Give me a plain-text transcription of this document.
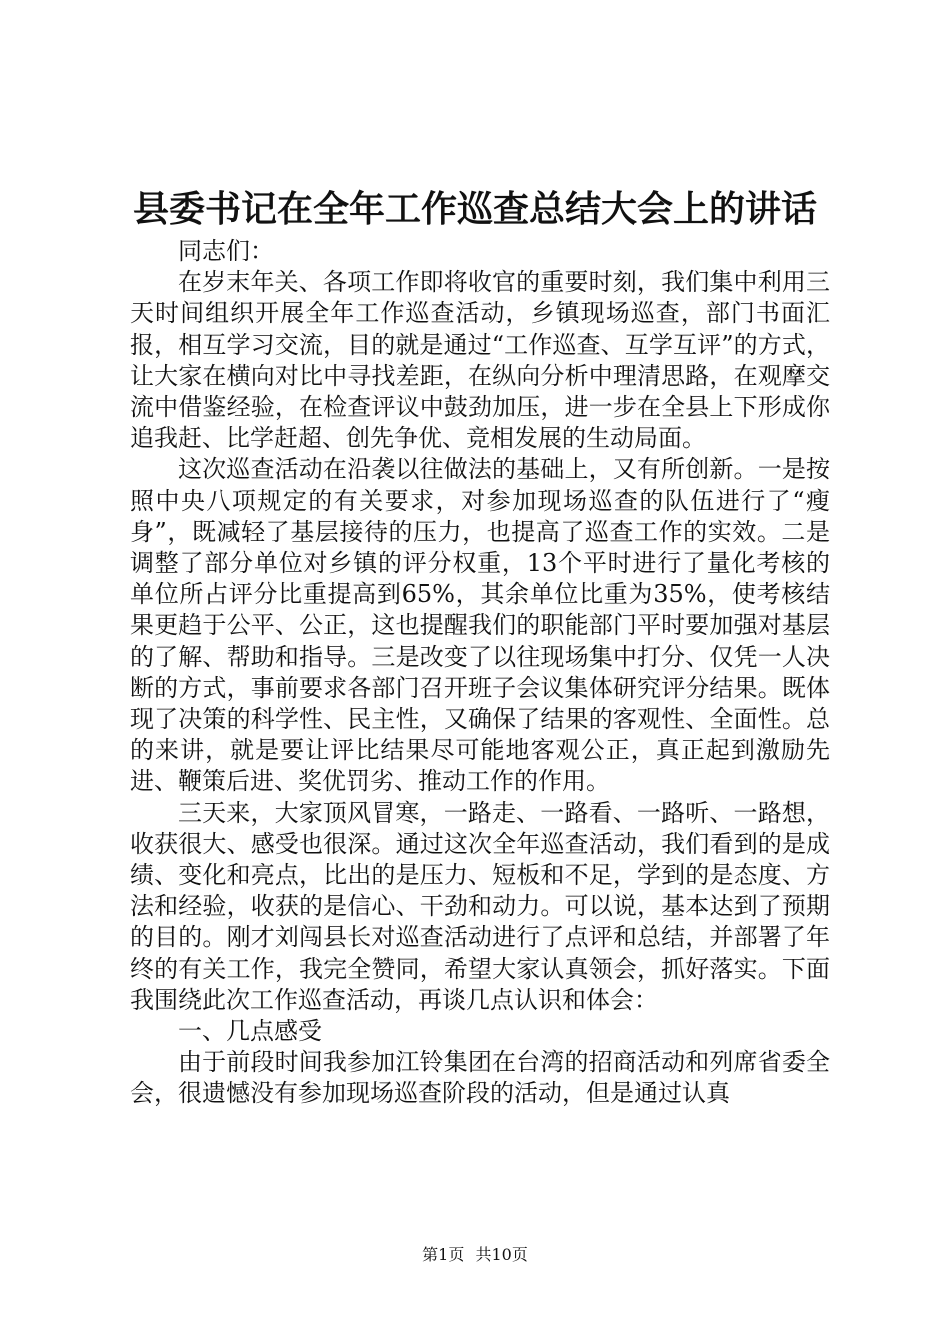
县委书记在全年工作巡查总结大会上的讲话

同志们：

在岁末年关、各项工作即将收官的重要时刻，我们集中利用三天时间组织开展全年工作巡查活动，乡镇现场巡查，部门书面汇报，相互学习交流，目的就是通过“工作巡查、互学互评”的方式，让大家在横向对比中寻找差距，在纵向分析中理清思路，在观摩交流中借鉴经验，在检查评议中鼓劲加压，进一步在全县上下形成你追我赶、比学赶超、创先争优、竞相发展的生动局面。

这次巡查活动在沿袭以往做法的基础上，又有所创新。一是按照中央八项规定的有关要求，对参加现场巡查的队伍进行了“瘦身”，既减轻了基层接待的压力，也提高了巡查工作的实效。二是调整了部分单位对乡镇的评分权重，13个平时进行了量化考核的单位所占评分比重提高到65%，其余单位比重为35%，使考核结果更趋于公平、公正，这也提醒我们的职能部门平时要加强对基层的了解、帮助和指导。三是改变了以往现场集中打分、仅凭一人决断的方式，事前要求各部门召开班子会议集体研究评分结果。既体现了决策的科学性、民主性，又确保了结果的客观性、全面性。总的来讲，就是要让评比结果尽可能地客观公正，真正起到激励先进、鞭策后进、奖优罚劣、推动工作的作用。

三天来，大家顶风冒寒，一路走、一路看、一路听、一路想，收获很大、感受也很深。通过这次全年巡查活动，我们看到的是成绩、变化和亮点，比出的是压力、短板和不足，学到的是态度、方法和经验，收获的是信心、干劲和动力。可以说，基本达到了预期的目的。刚才刘闯县长对巡查活动进行了点评和总结，并部署了年终的有关工作，我完全赞同，希望大家认真领会，抓好落实。下面我围绕此次工作巡查活动，再谈几点认识和体会：

一、几点感受

由于前段时间我参加江铃集团在台湾的招商活动和列席省委全会，很遗憾没有参加现场巡查阶段的活动，但是通过认真

第1页 共10页
